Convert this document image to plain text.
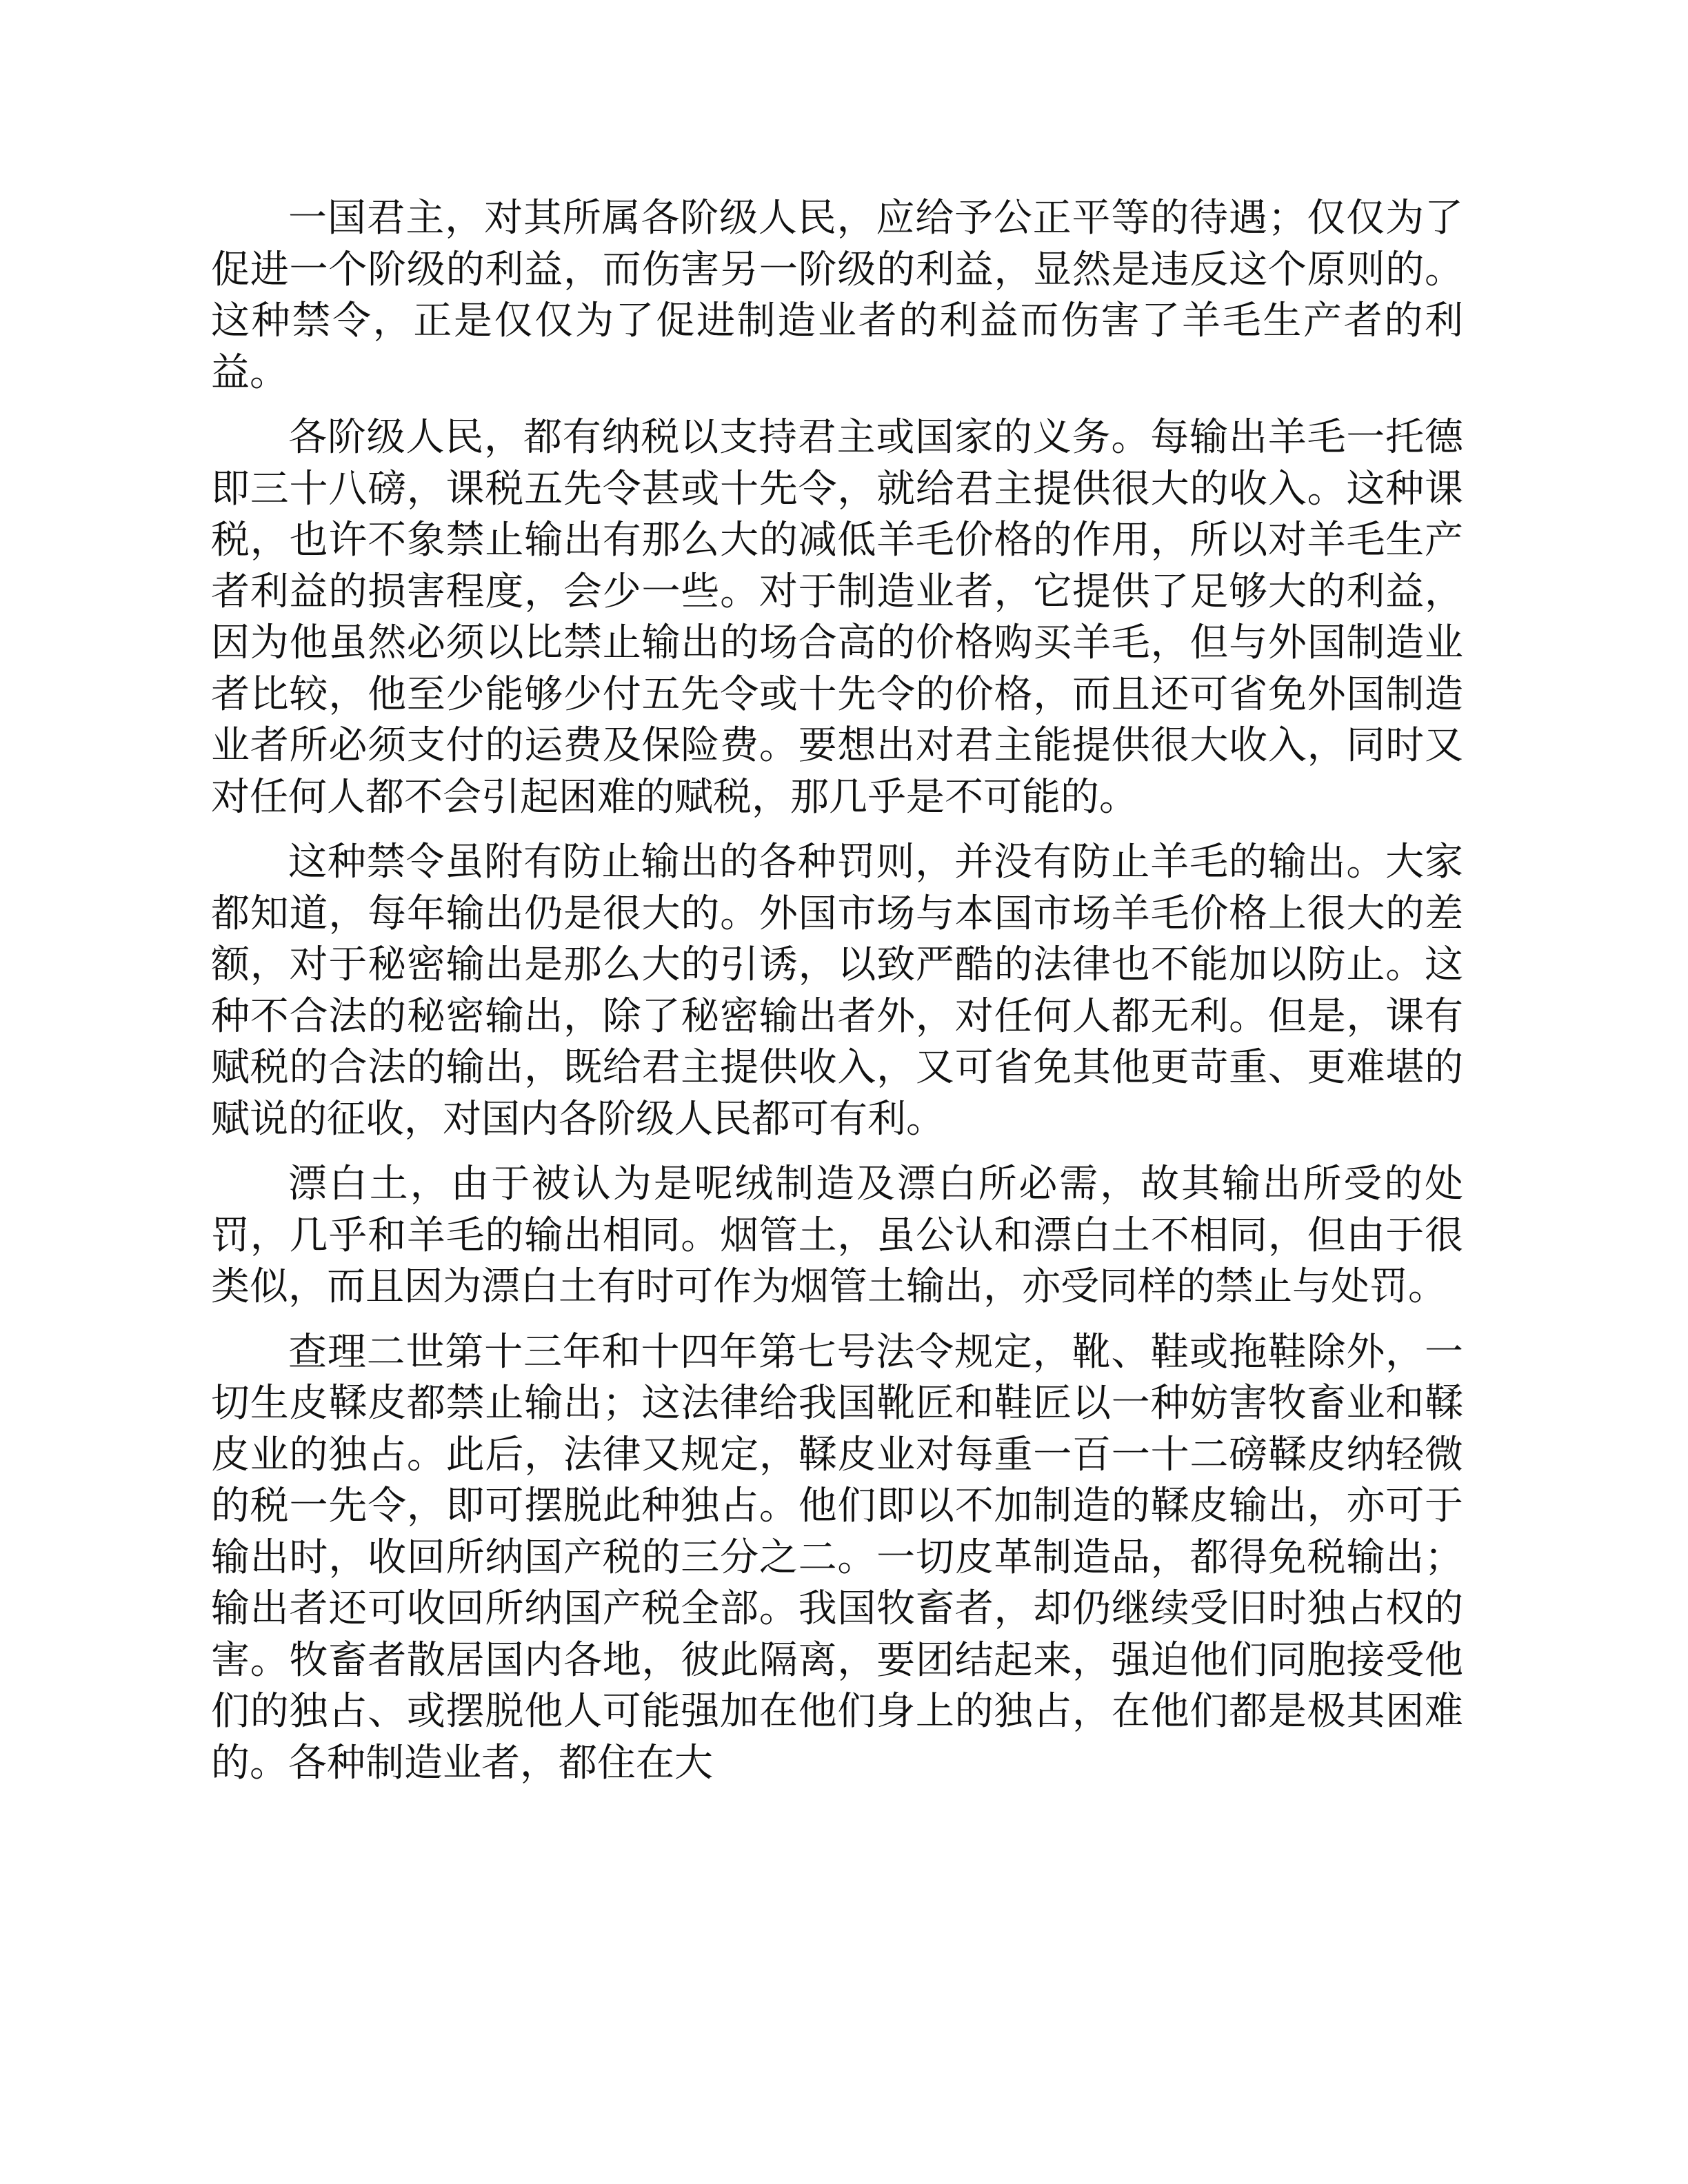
一国君主，对其所属各阶级人民，应给予公正平等的待遇；仅仅为了促进一个阶级的利益，而伤害另一阶级的利益，显然是违反这个原则的。这种禁令，正是仅仅为了促进制造业者的利益而伤害了羊毛生产者的利益。

各阶级人民，都有纳税以支持君主或国家的义务。每输出羊毛一托德即三十八磅，课税五先令甚或十先令，就给君主提供很大的收入。这种课税，也许不象禁止输出有那么大的减低羊毛价格的作用，所以对羊毛生产者利益的损害程度，会少一些。对于制造业者，它提供了足够大的利益，因为他虽然必须以比禁止输出的场合高的价格购买羊毛，但与外国制造业者比较，他至少能够少付五先令或十先令的价格，而且还可省免外国制造业者所必须支付的运费及保险费。要想出对君主能提供很大收入，同时又对任何人都不会引起困难的赋税，那几乎是不可能的。

这种禁令虽附有防止输出的各种罚则，并没有防止羊毛的输出。大家都知道，每年输出仍是很大的。外国市场与本国市场羊毛价格上很大的差额，对于秘密输出是那么大的引诱，以致严酷的法律也不能加以防止。这种不合法的秘密输出，除了秘密输出者外，对任何人都无利。但是，课有赋税的合法的输出，既给君主提供收入，又可省免其他更苛重、更难堪的赋说的征收，对国内各阶级人民都可有利。

漂白土，由于被认为是呢绒制造及漂白所必需，故其输出所受的处罚，几乎和羊毛的输出相同。烟管土，虽公认和漂白土不相同，但由于很类似，而且因为漂白土有时可作为烟管土输出，亦受同样的禁止与处罚。

查理二世第十三年和十四年第七号法令规定，靴、鞋或拖鞋除外，一切生皮鞣皮都禁止输出；这法律给我国靴匠和鞋匠以一种妨害牧畜业和鞣皮业的独占。此后，法律又规定，鞣皮业对每重一百一十二磅鞣皮纳轻微的税一先令，即可摆脱此种独占。他们即以不加制造的鞣皮输出，亦可于输出时，收回所纳国产税的三分之二。一切皮革制造品，都得免税输出；输出者还可收回所纳国产税全部。我国牧畜者，却仍继续受旧时独占权的害。牧畜者散居国内各地，彼此隔离，要团结起来，强迫他们同胞接受他们的独占、或摆脱他人可能强加在他们身上的独占，在他们都是极其困难的。各种制造业者，都住在大
